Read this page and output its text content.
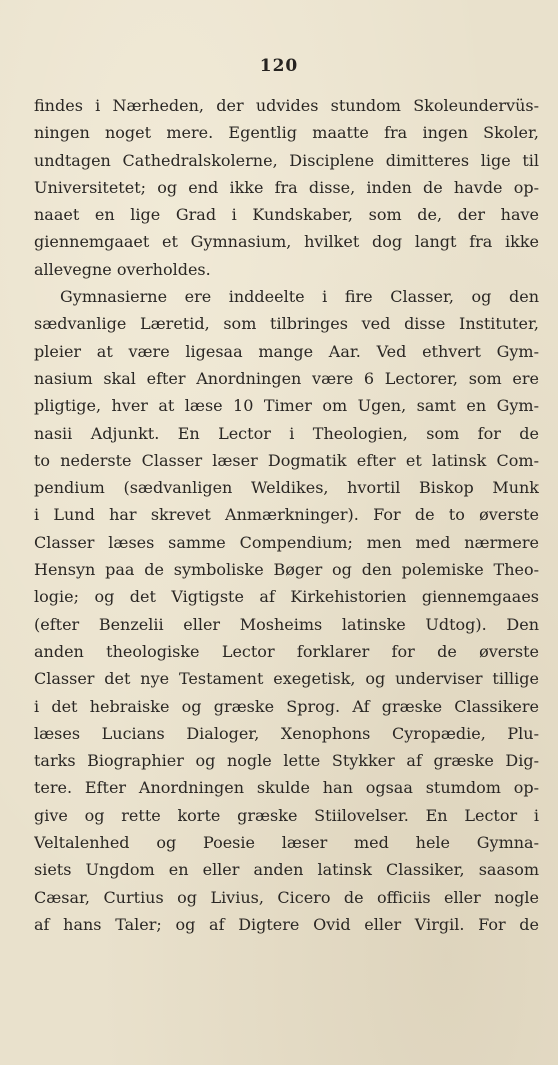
120
findes i Nærheden, der udvides stundom Skoleundervüs-
ningen noget mere. Egentlig maatte fra ingen Skoler,
undtagen Cathedralskolerne, Disciplene dimitteres lige til
Universitetet; og end ikke fra disse, inden de havde op-
naaet en lige Grad i Kundskaber, som de, der have
giennemgaaet et Gymnasium, hvilket dog langt fra ikke
allevegne overholdes.
Gymnasierne ere inddeelte i fire Classer, og den
sædvanlige Læretid, som tilbringes ved disse Instituter,
pleier at være ligesaa mange Aar. Ved ethvert Gym-
nasium skal efter Anordningen være 6 Lectorer, som ere
pligtige, hver at læse 10 Timer om Ugen, samt en Gym-
nasii Adjunkt. En Lector i Theologien, som for de
to nederste Classer læser Dogmatik efter et latinsk Com-
pendium (sædvanligen Weldikes, hvortil Biskop Munk
i Lund har skrevet Anmærkninger). For de to øverste
Classer læses samme Compendium; men med nærmere
Hensyn paa de symboliske Bøger og den polemiske Theo-
logie; og det Vigtigste af Kirkehistorien giennemgaaes
(efter Benzelii eller Mosheims latinske Udtog). Den
anden theologiske Lector forklarer for de øverste
Classer det nye Testament exegetisk, og underviser tillige
i det hebraiske og græske Sprog. Af græske Classikere
læses Lucians Dialoger, Xenophons Cyropædie, Plu-
tarks Biographier og nogle lette Stykker af græske Dig-
tere. Efter Anordningen skulde han ogsaa stumdom op-
give og rette korte græske Stiilovelser. En Lector i
Veltalenhed og Poesie læser med hele Gymna-
siets Ungdom en eller anden latinsk Classiker, saasom
Cæsar, Curtius og Livius, Cicero de officiis eller nogle
af hans Taler; og af Digtere Ovid eller Virgil. For de
